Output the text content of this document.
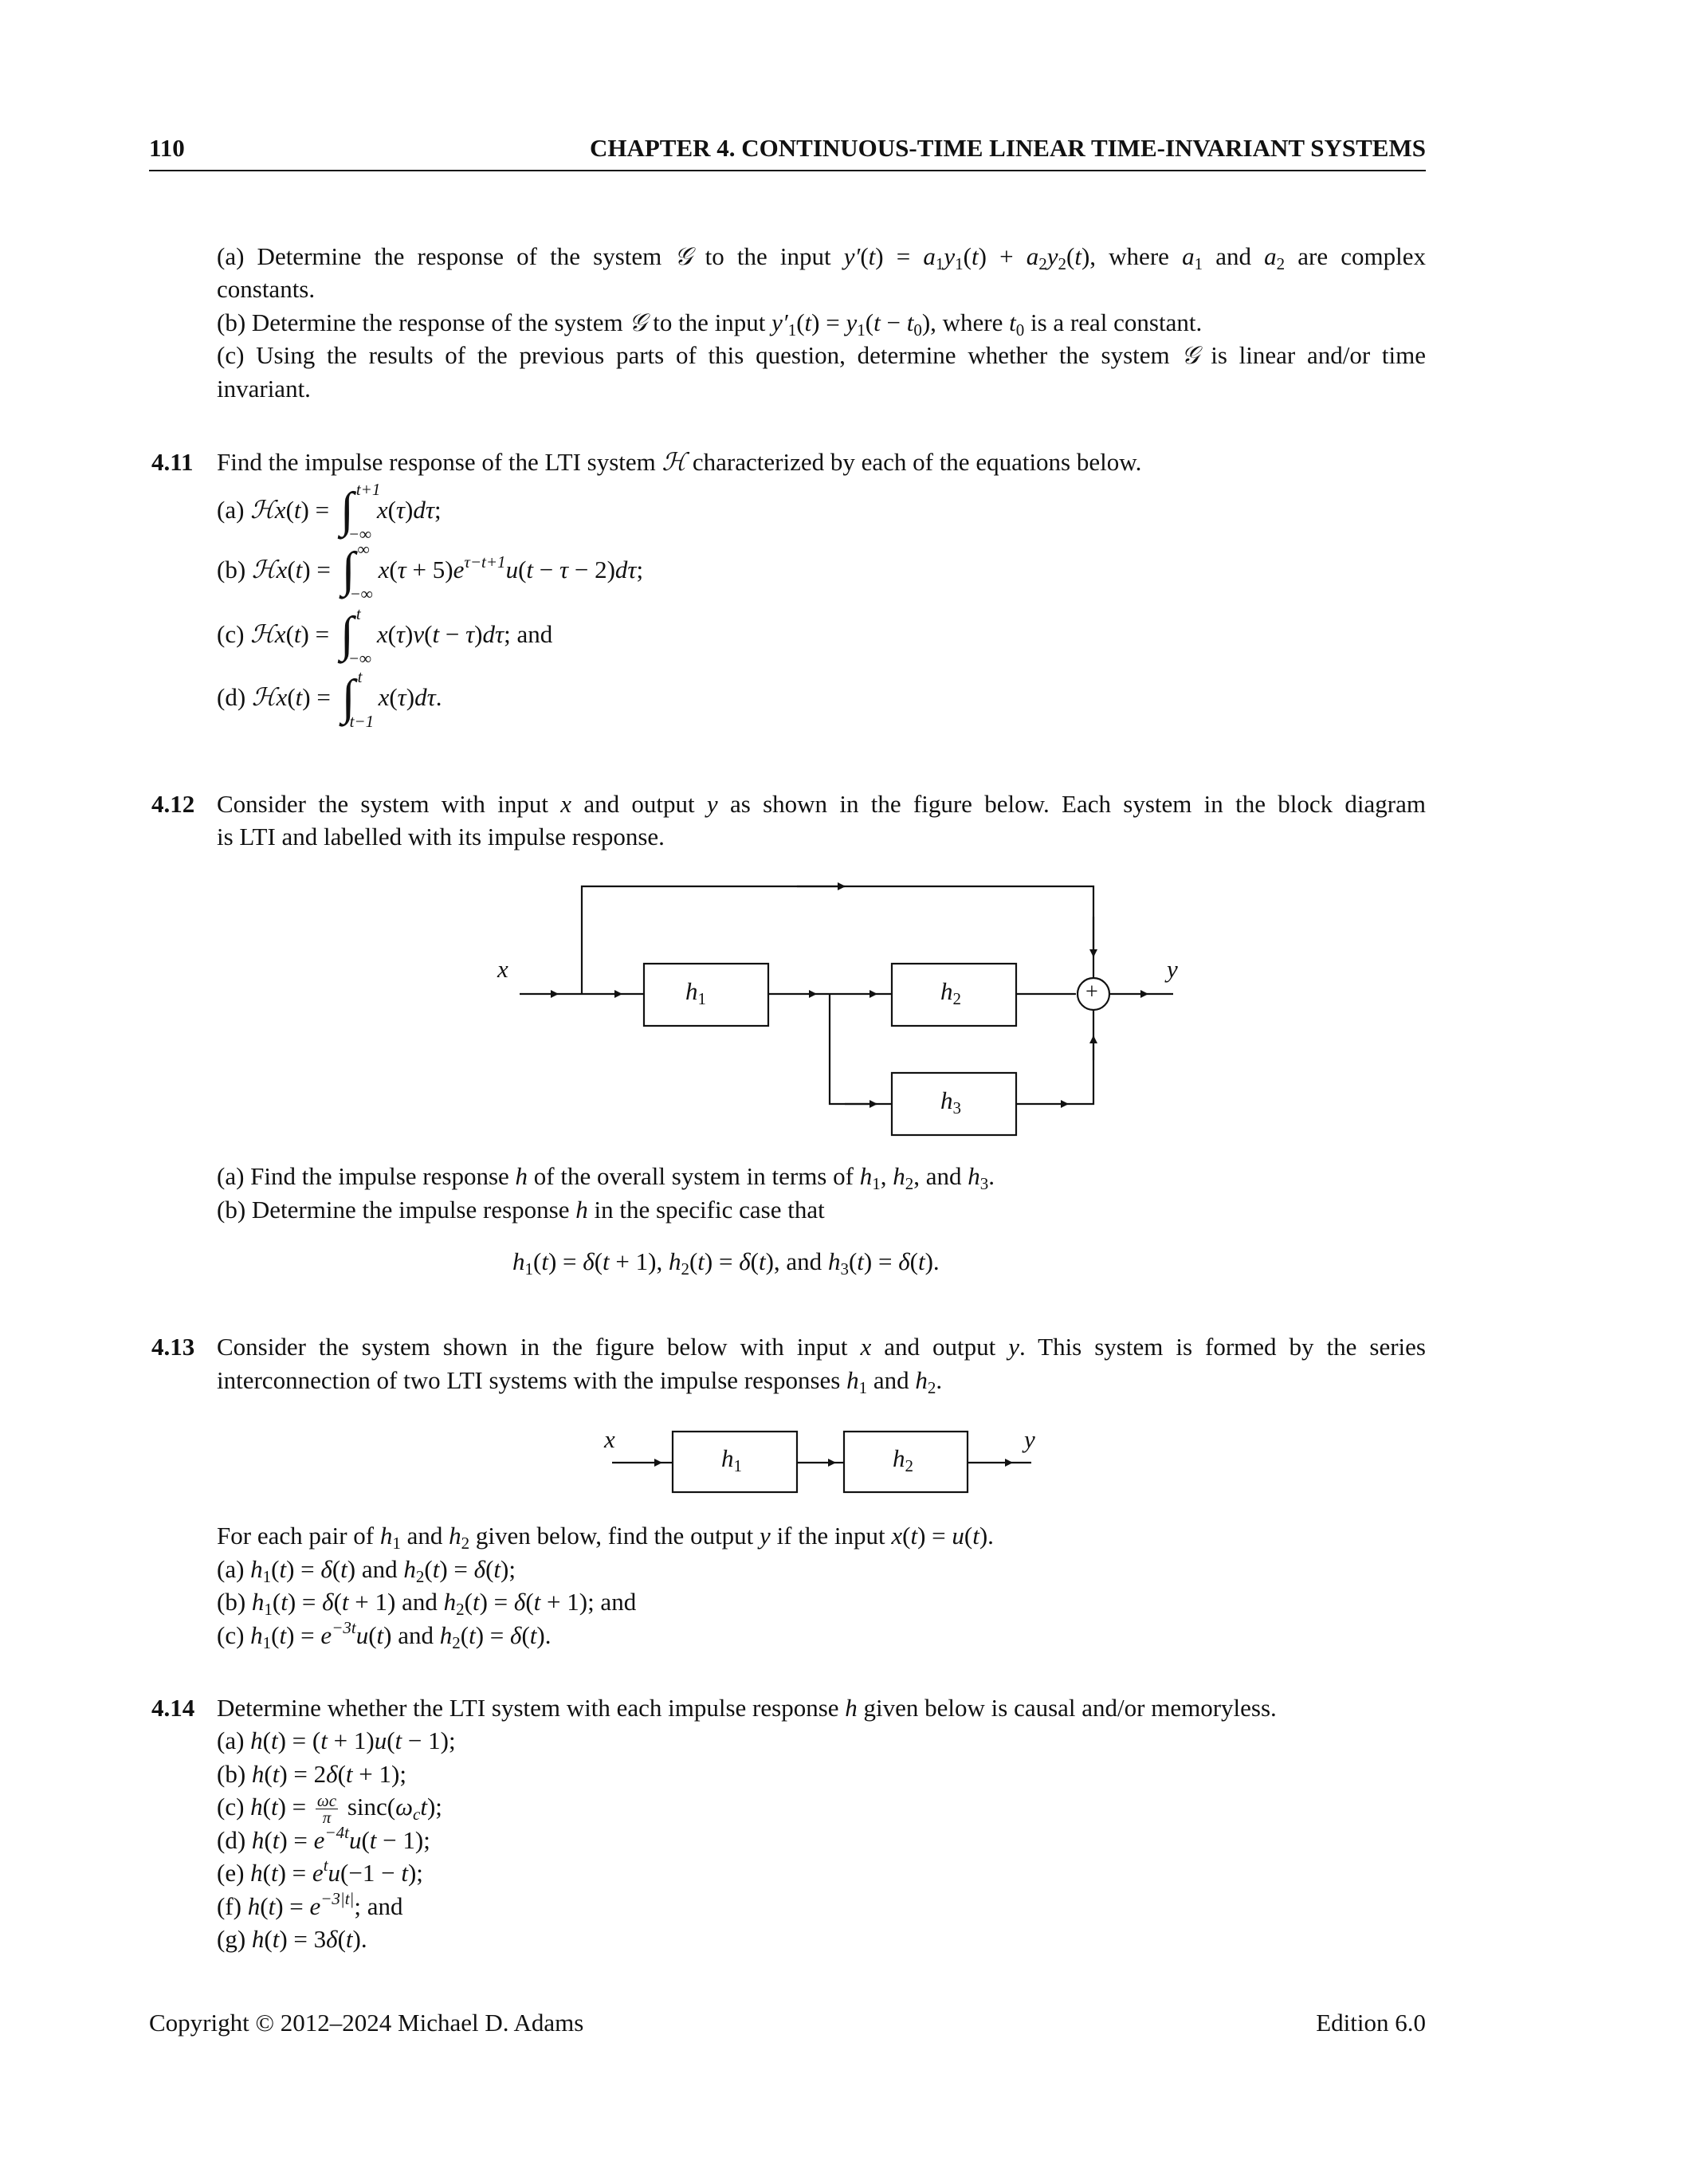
110	CHAPTER 4. CONTINUOUS-TIME LINEAR TIME-INVARIANT SYSTEMS
(a) Determine the response of the system 𝒢 to the input $y'(t) = a_1y_1(t) + a_2y_2(t)$, where $a_1$ and $a_2$ are complex
constants.
(b) Determine the response of the system 𝒢 to the input $y'_1(t) = y_1(t - t_0)$, where $t_0$ is a real constant.
(c) Using the results of the previous parts of this question, determine whether the system 𝒢 is linear and/or time
invariant.
4.11 Find the impulse response of the LTI system ℋ characterized by each of the equations below.
(a) ℋx(t) = ∫ t+1
−∞
x(τ)dτ;
(b) ℋx(t) = ∫ ∞
−∞
$x(\tau + 5)e^{\tau-t+1}u(t - \tau - 2)d\tau$;
(c) ℋx(t) = ∫ t
−∞
x(τ)v(t − τ)dτ; and
(d) ℋx(t) = ∫ t
t−1
x(τ)dτ.
4.12 Consider the system with input x and output y as shown in the figure below. Each system in the block diagram
is LTI and labelled with its impulse response.
x	y
$h_1$	$h_2$
$h_3$
+
(a) Find the impulse response h of the overall system in terms of $h_1$, $h_2$, and $h_3$.
(b) Determine the impulse response h in the specific case that
$h_1(t) = \delta(t + 1)$, $h_2(t) = \delta(t)$, and $h_3(t) = \delta(t)$.
4.13 Consider the system shown in the figure below with input x and output y. This system is formed by the series
interconnection of two LTI systems with the impulse responses $h_1$ and $h_2$.
x	y
$h_1$	$h_2$
For each pair of $h_1$ and $h_2$ given below, find the output y if the input x(t) = u(t).
(a) $h_1(t) = \delta(t)$ and $h_2(t) = \delta(t)$;
(b) $h_1(t) = \delta(t + 1)$ and $h_2(t) = \delta(t + 1)$; and
(c) $h_1(t) = e^{-3t}u(t)$ and $h_2(t) = \delta(t)$.
4.14 Determine whether the LTI system with each impulse response h given below is causal and/or memoryless.
(a) h(t) = (t + 1)u(t − 1);
(b) h(t) = 2δ(t + 1);
(c) $h(t) = \frac{\omega c}{\pi} \sin c(\omega_ct)$;
(d) $h(t) = e^{-4t}u(t - 1)$;
(e) $h(t) = e^tu(-1 - t)$;
(f) $h(t) = e^{-3|t|}$; and
(g) h(t) = 3δ(t).
Copyright © 2012–2024 Michael D. Adams	Edition 6.0
